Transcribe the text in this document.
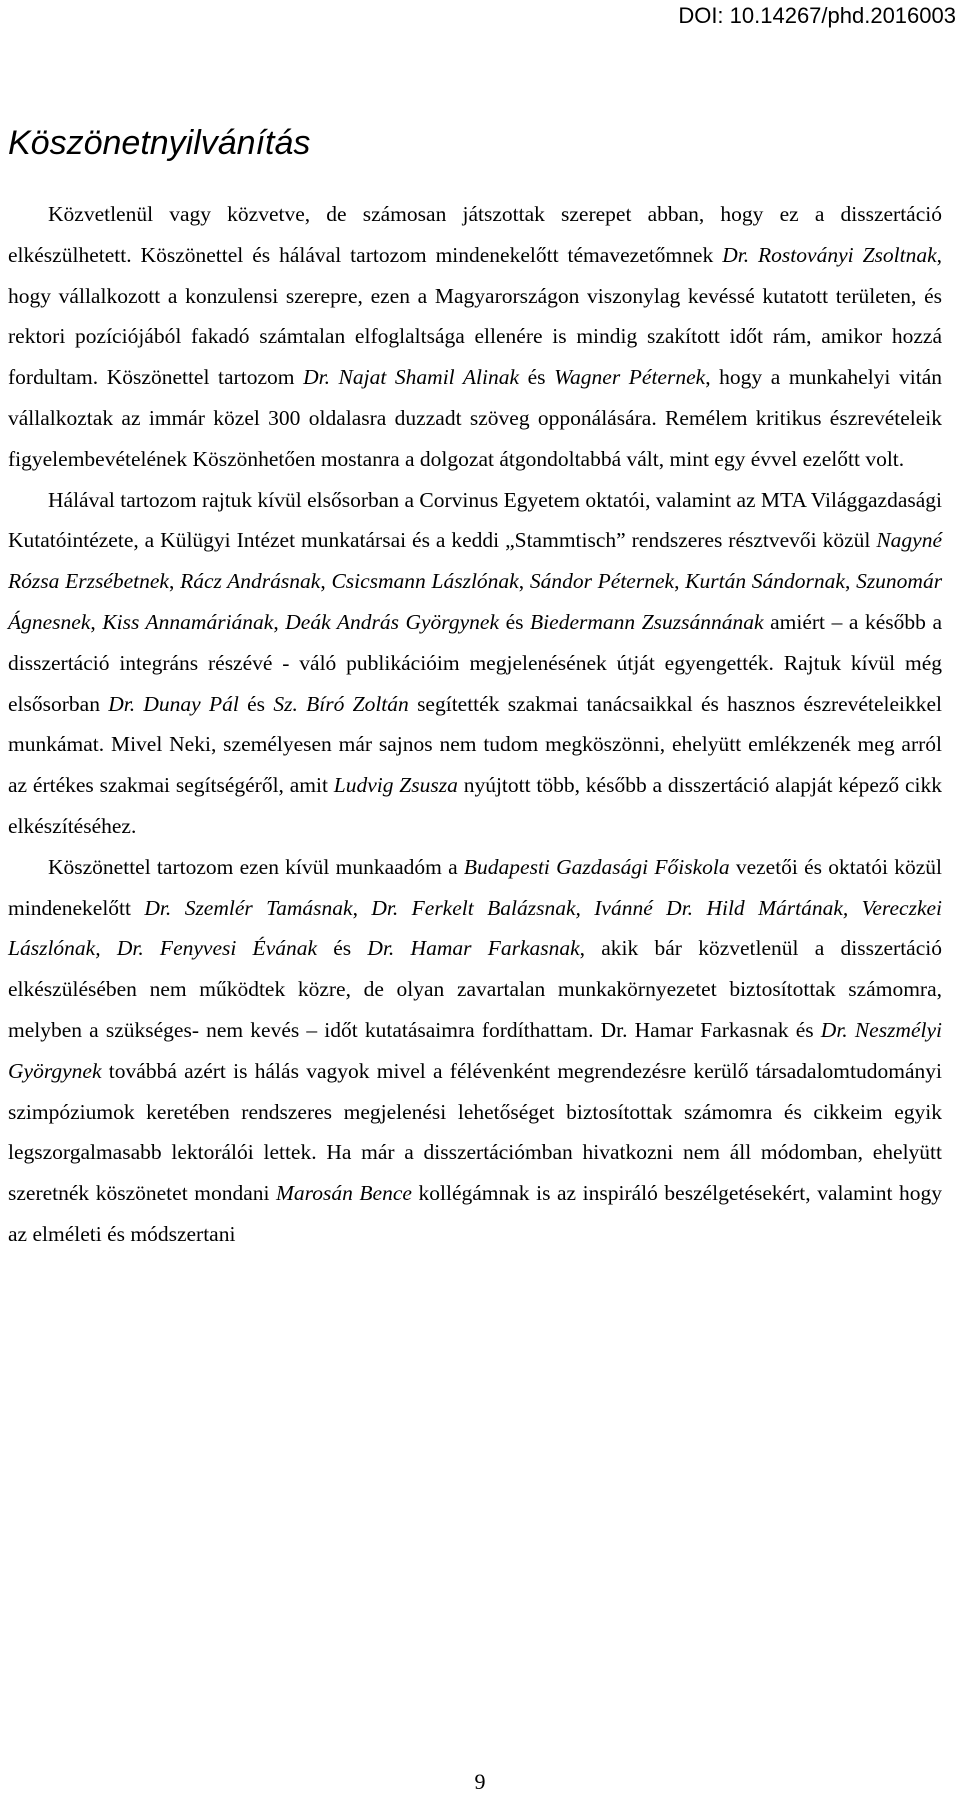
DOI: 10.14267/phd.2016003
Köszönetnyilvánítás

Közvetlenül vagy közvetve, de számosan játszottak szerepet abban, hogy ez a disszertáció elkészülhetett. Köszönettel és hálával tartozom mindenekelőtt témavezetőmnek Dr. Rostoványi Zsoltnak, hogy vállalkozott a konzulensi szerepre, ezen a Magyarországon viszonylag kevéssé kutatott területen, és rektori pozíciójából fakadó számtalan elfoglaltsága ellenére is mindig szakított időt rám, amikor hozzá fordultam. Köszönettel tartozom Dr. Najat Shamil Alinak és Wagner Péternek, hogy a munkahelyi vitán vállalkoztak az immár közel 300 oldalasra duzzadt szöveg opponálására. Remélem kritikus észrevételeik figyelembevételének Köszönhetően mostanra a dolgozat átgondoltabbá vált, mint egy évvel ezelőtt volt.

Hálával tartozom rajtuk kívül elsősorban a Corvinus Egyetem oktatói, valamint az MTA Világgazdasági Kutatóintézete, a Külügyi Intézet munkatársai és a keddi „Stammtisch” rendszeres résztvevői közül Nagyné Rózsa Erzsébetnek, Rácz Andrásnak, Csicsmann Lászlónak, Sándor Péternek, Kurtán Sándornak, Szunomár Ágnesnek, Kiss Annamáriának, Deák András Györgynek és Biedermann Zsuzsánnának amiért – a később a disszertáció integráns részévé - váló publikációim megjelenésének útját egyengették. Rajtuk kívül még elsősorban Dr. Dunay Pál és Sz. Bíró Zoltán segítették szakmai tanácsaikkal és hasznos észrevételeikkel munkámat. Mivel Neki, személyesen már sajnos nem tudom megköszönni, ehelyütt emlékzenék meg arról az értékes szakmai segítségéről, amit Ludvig Zsusza nyújtott több, később a disszertáció alapját képező cikk elkészítéséhez.

Köszönettel tartozom ezen kívül munkaadóm a Budapesti Gazdasági Főiskola vezetői és oktatói közül mindenekelőtt Dr. Szemlér Tamásnak, Dr. Ferkelt Balázsnak, Ivánné Dr. Hild Mártának, Vereczkei Lászlónak, Dr. Fenyvesi Évának és Dr. Hamar Farkasnak, akik bár közvetlenül a disszertáció elkészülésében nem működtek közre, de olyan zavartalan munkakörnyezetet biztosítottak számomra, melyben a szükséges- nem kevés – időt kutatásaimra fordíthattam. Dr. Hamar Farkasnak és Dr. Neszmélyi Györgynek továbbá azért is hálás vagyok mivel a félévenként megrendezésre kerülő társadalomtudományi szimpóziumok keretében rendszeres megjelenési lehetőséget biztosítottak számomra és cikkeim egyik legszorgalmasabb lektorálói lettek. Ha már a disszertációmban hivatkozni nem áll módomban, ehelyütt szeretnék köszönetet mondani Marosán Bence kollégámnak is az inspiráló beszélgetésekért, valamint hogy az elméleti és módszertani

9
